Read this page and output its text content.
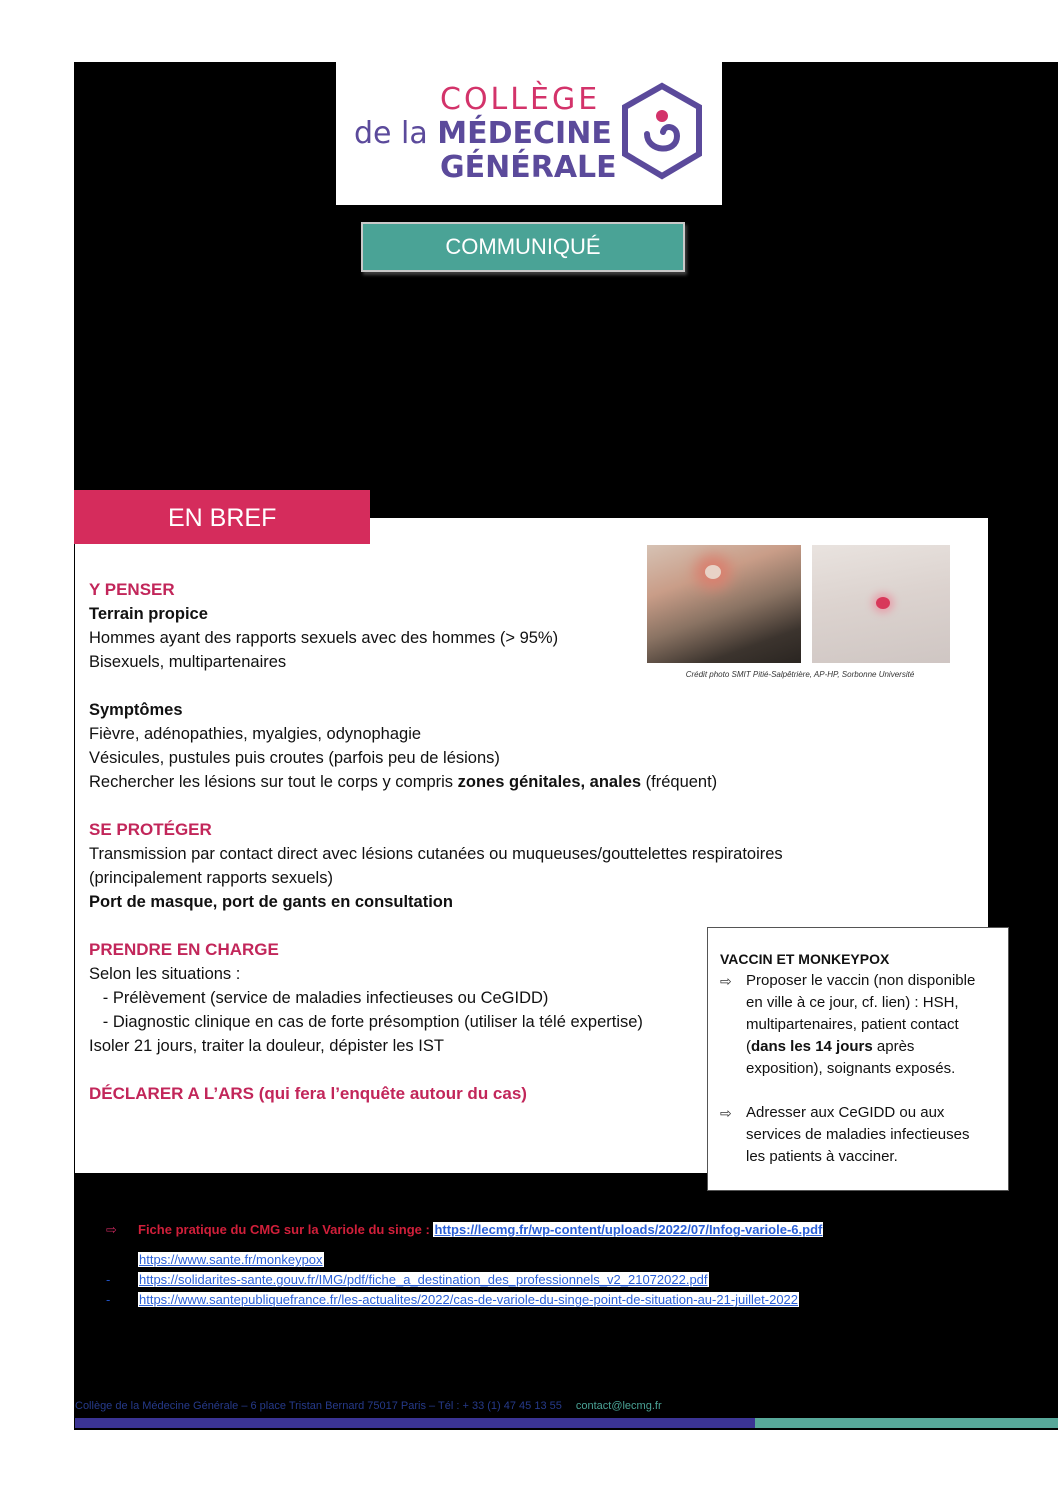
COLLÈGE
de la MÉDECINE
GÉNÉRALE
COMMUNIQUÉ
EN BREF
Crédit photo SMIT Pitié-Salpêtrière, AP-HP, Sorbonne Université
Y PENSER
Terrain propice
Hommes ayant des rapports sexuels avec des hommes (> 95%)
Bisexuels, multipartenaires
Symptômes
Fièvre, adénopathies, myalgies, odynophagie
Vésicules, pustules puis croutes (parfois peu de lésions)
Rechercher les lésions sur tout le corps y compris zones génitales, anales (fréquent)
SE PROTÉGER
Transmission par contact direct avec lésions cutanées ou muqueuses/gouttelettes respiratoires
(principalement rapports sexuels)
Port de masque, port de gants en consultation
PRENDRE EN CHARGE
Selon les situations :
- Prélèvement (service de maladies infectieuses ou CeGIDD)
- Diagnostic clinique en cas de forte présomption (utiliser la télé expertise)
Isoler 21 jours, traiter la douleur, dépister les IST
DÉCLARER A L’ARS (qui fera l’enquête autour du cas)
VACCIN ET MONKEYPOX
⇨ Proposer le vaccin (non disponible
en ville à ce jour, cf. lien) : HSH,
multipartenaires, patient contact
(dans les 14 jours après
exposition), soignants exposés.
⇨ Adresser aux CeGIDD ou aux
services de maladies infectieuses
les patients à vacciner.
⇨ Fiche pratique du CMG sur la Variole du singe : https://lecmg.fr/wp-content/uploads/2022/07/Infog-variole-6.pdf
https://www.sante.fr/monkeypox
- https://solidarites-sante.gouv.fr/IMG/pdf/fiche_a_destination_des_professionnels_v2_21072022.pdf
- https://www.santepubliquefrance.fr/les-actualites/2022/cas-de-variole-du-singe-point-de-situation-au-21-juillet-2022
Collège de la Médecine Générale – 6 place Tristan Bernard 75017 Paris – Tél : + 33 (1) 47 45 13 55 contact@lecmg.fr
